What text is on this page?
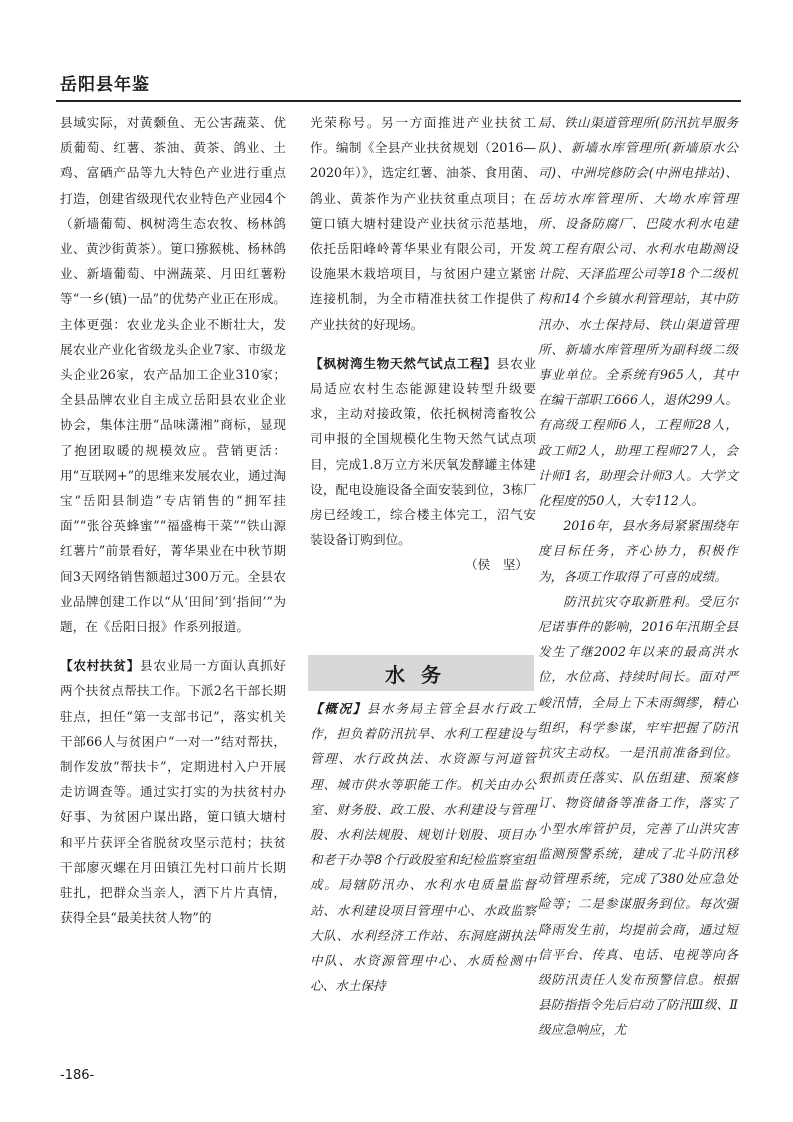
岳阳县年鉴

县域实际，对黄颡鱼、无公害蔬菜、优质葡萄、红薯、茶油、黄茶、鸽业、土鸡、富硒产品等九大特色产业进行重点打造，创建省级现代农业特色产业园4个（新墙葡萄、枫树湾生态农牧、杨林鸽业、黄沙街黄茶）。筻口猕猴桃、杨林鸽业、新墙葡萄、中洲蔬菜、月田红薯粉等“一乡(镇)一品”的优势产业正在形成。主体更强：农业龙头企业不断壮大，发展农业产业化省级龙头企业7家、市级龙头企业26家，农产品加工企业310家；全县品牌农业自主成立岳阳县农业企业协会，集体注册“品味潇湘”商标，显现了抱团取暖的规模效应。营销更活：用“互联网+”的思维来发展农业，通过淘宝“岳阳县制造”专店销售的“拥军挂面”“张谷英蜂蜜”“福盛梅干菜”“铁山源红薯片”前景看好，菁华果业在中秋节期间3天网络销售额超过300万元。全县农业品牌创建工作以“从‘田间’到‘指间’”为题，在《岳阳日报》作系列报道。

【农村扶贫】县农业局一方面认真抓好两个扶贫点帮扶工作。下派2名干部长期驻点，担任“第一支部书记”，落实机关干部66人与贫困户“一对一”结对帮扶，制作发放“帮扶卡”，定期进村入户开展走访调查等。通过实打实的为扶贫村办好事、为贫困户谋出路，筻口镇大塘村和平片获评全省脱贫攻坚示范村；扶贫干部廖灭螺在月田镇江先村口前片长期驻扎，把群众当亲人，洒下片片真情，获得全县“最美扶贫人物”的

光荣称号。另一方面推进产业扶贫工作。编制《全县产业扶贫规划（2016—2020年）》，选定红薯、油茶、食用菌、鸽业、黄茶作为产业扶贫重点项目；在筻口镇大塘村建设产业扶贫示范基地，依托岳阳峰岭菁华果业有限公司，开发设施果木栽培项目，与贫困户建立紧密连接机制，为全市精准扶贫工作提供了产业扶贫的好现场。

【枫树湾生物天然气试点工程】县农业局适应农村生态能源建设转型升级要求，主动对接政策，依托枫树湾畜牧公司申报的全国规模化生物天然气试点项目，完成1.8万立方米厌氧发酵罐主体建设，配电设施设备全面安装到位，3栋厂房已经竣工，综合楼主体完工，沼气安装设备订购到位。

（侯　坚）

水务

【概况】县水务局主管全县水行政工作，担负着防汛抗旱、水利工程建设与管理、水行政执法、水资源与河道管理、城市供水等职能工作。机关由办公室、财务股、政工股、水利建设与管理股、水利法规股、规划计划股、项目办和老干办等8个行政股室和纪检监察室组成。局辖防汛办、水利水电质量监督站、水利建设项目管理中心、水政监察大队、水利经济工作站、东洞庭湖执法中队、水资源管理中心、水质检测中心、水土保持

局、铁山渠道管理所(防汛抗旱服务队)、新墙水库管理所(新墙原水公司)、中洲垸修防会(中洲电排站)、岳坊水库管理所、大坳水库管理所、设备防腐厂、巴陵水利水电建筑工程有限公司、水利水电勘测设计院、天泽监理公司等18个二级机构和14个乡镇水利管理站，其中防汛办、水土保持局、铁山渠道管理所、新墙水库管理所为副科级二级事业单位。全系统有965人，其中在编干部职工666人，退休299人。有高级工程师6人，工程师28人，政工师2人，助理工程师27人，会计师1名，助理会计师3人。大学文化程度的50人，大专112人。

2016年，县水务局紧紧围绕年度目标任务，齐心协力，积极作为，各项工作取得了可喜的成绩。

防汛抗灾夺取新胜利。受厄尔尼诺事件的影响，2016年汛期全县发生了继2002年以来的最高洪水位，水位高、持续时间长。面对严峻汛情，全局上下未雨绸缪，精心组织，科学参谋，牢牢把握了防汛抗灾主动权。一是汛前准备到位。狠抓责任落实、队伍组建、预案修订、物资储备等准备工作，落实了小型水库管护员，完善了山洪灾害监测预警系统，建成了北斗防汛移动管理系统，完成了380处应急处险等；二是参谋服务到位。每次强降雨发生前，均提前会商，通过短信平台、传真、电话、电视等向各级防汛责任人发布预警信息。根据县防指指令先后启动了防汛Ⅲ级、Ⅱ级应急响应，尤

-186-
